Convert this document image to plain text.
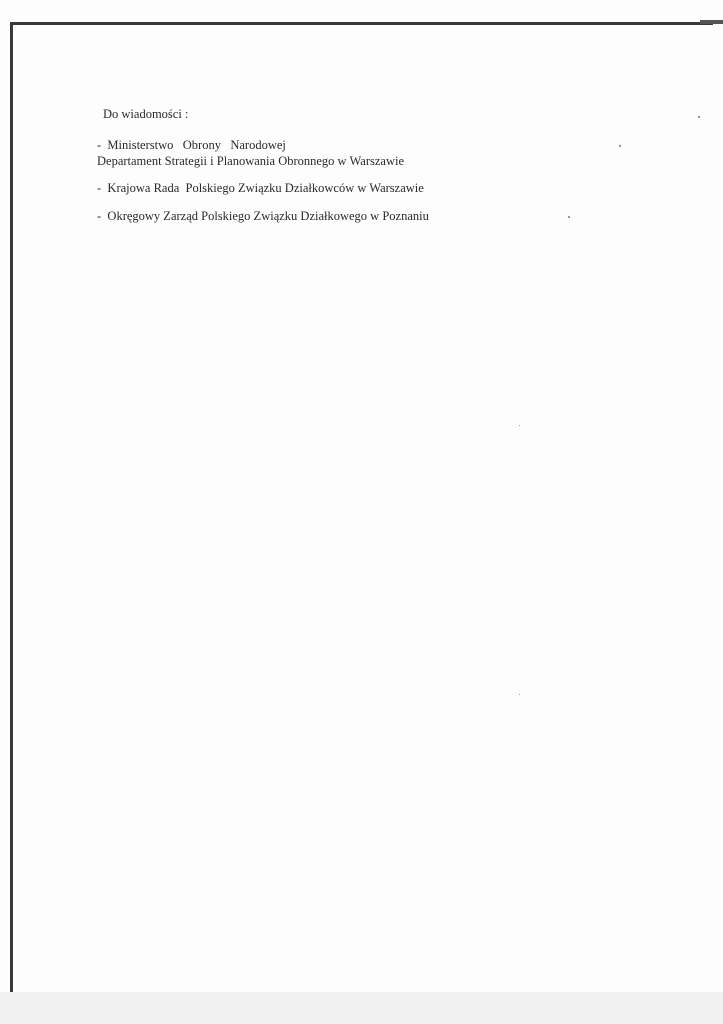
Do wiadomości :
-  Ministerstwo   Obrony   Narodowej
Departament Strategii i Planowania Obronnego w Warszawie
-  Krajowa Rada  Polskiego Związku Działkowców w Warszawie
-  Okręgowy Zarząd Polskiego Związku Działkowego w Poznaniu
